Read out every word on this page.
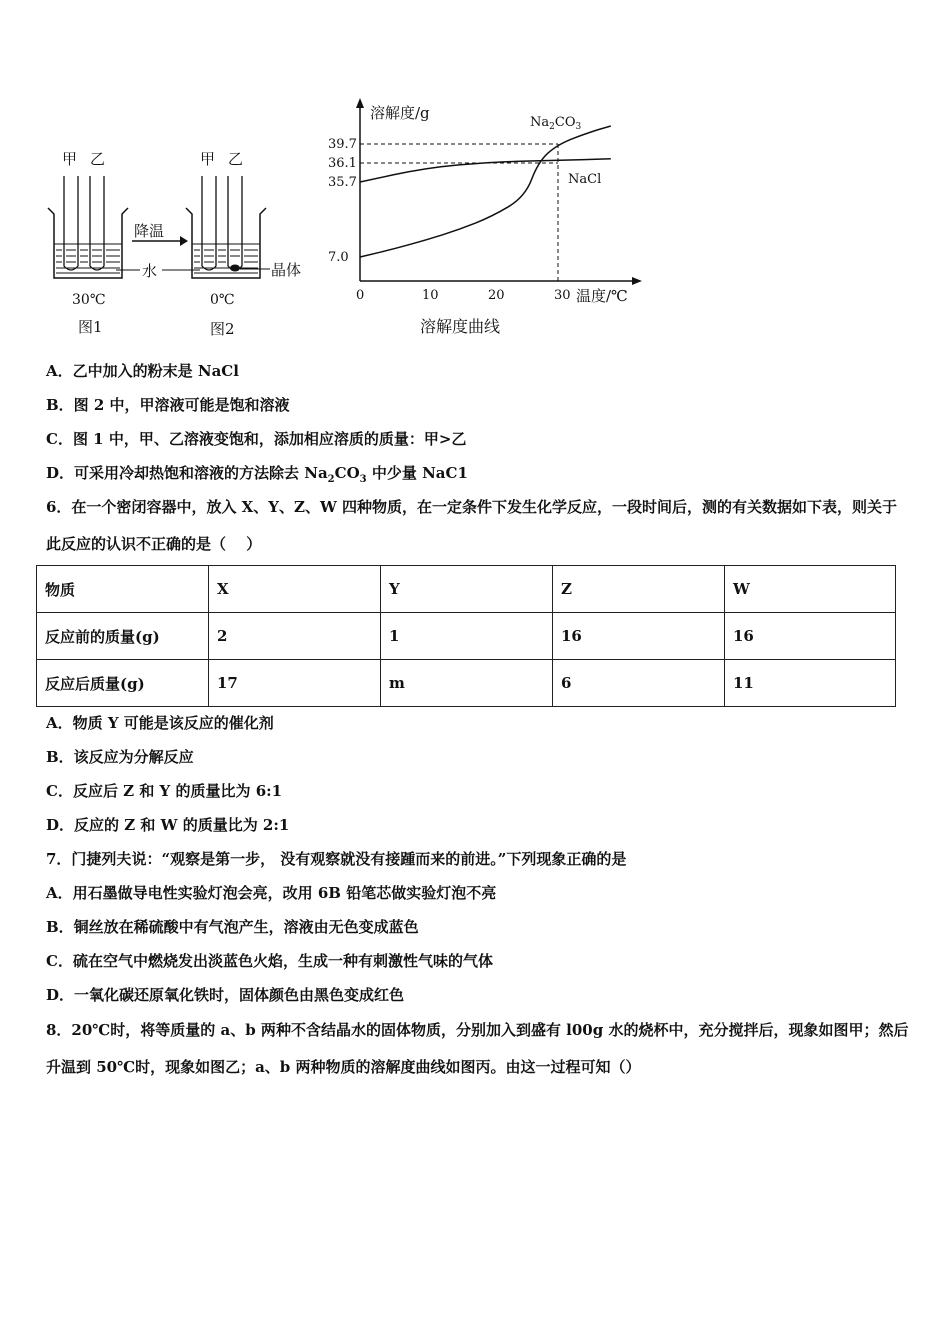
甲 乙
30℃
图1
降温
水
甲 乙
晶体
0℃
图2
溶解度/g
温度/℃
溶解度曲线
0	10	20	30
7.0
35.7
36.1
39.7
$Na_2CO_3$
NaCl
A．乙中加入的粉末是 NaCl
B．图 2 中，甲溶液可能是饱和溶液
C．图 1 中，甲、乙溶液变饱和，添加相应溶质的质量：甲>乙
D．可采用冷却热饱和溶液的方法除去 $Na_2CO_3$ 中少量 NaC1
6．在一个密闭容器中，放入 X、Y、Z、W 四种物质，在一定条件下发生化学反应，一段时间后，测的有关数据如下表，则关于此反应的认识不正确的是（　 ）
物质	X	Y	Z	W
反应前的质量(g)	2	1	16	16
反应后质量(g)	17	m	6	11
A．物质 Y 可能是该反应的催化剂
B．该反应为分解反应
C．反应后 Z 和 Y 的质量比为 6:1
D．反应的 Z 和 W 的质量比为 2:1
7．门捷列夫说：“观察是第一步， 没有观察就没有接踵而来的前进。”下列现象正确的是
A．用石墨做导电性实验灯泡会亮，改用 6B 铅笔芯做实验灯泡不亮
B．铜丝放在稀硫酸中有气泡产生，溶液由无色变成蓝色
C．硫在空气中燃烧发出淡蓝色火焰，生成一种有刺激性气味的气体
D．一氧化碳还原氧化铁时，固体颜色由黑色变成红色
8．20℃时，将等质量的 a、b 两种不含结晶水的固体物质，分别加入到盛有 l00g 水的烧杯中，充分搅拌后，现象如图甲；然后升温到 50℃时，现象如图乙；a、b 两种物质的溶解度曲线如图丙。由这一过程可知（）
